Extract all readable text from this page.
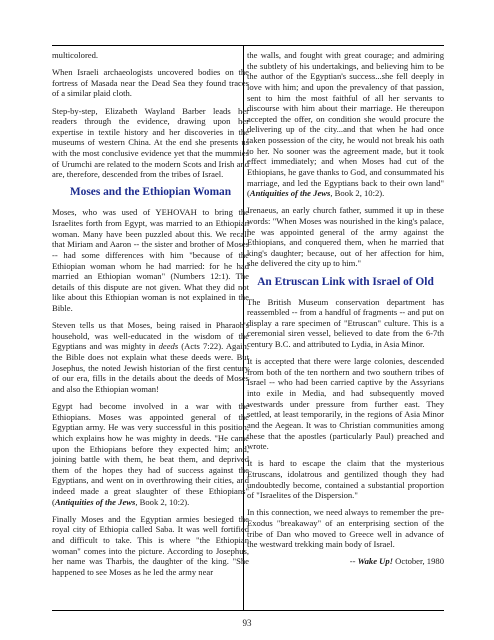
multicolored.

When Israeli archaeologists uncovered bodies on the fortress of Masada near the Dead Sea they found traces of a similar plaid cloth.

Step-by-step, Elizabeth Wayland Barber leads her readers through the evidence, drawing upon her expertise in textile history and her discoveries in the museums of western China. At the end she presents us with the most conclusive evidence yet that the mummies of Urumchi are related to the modern Scots and Irish and are, therefore, descended from the tribes of Israel.

Moses and the Ethiopian Woman

Moses, who was used of YEHOVAH to bring the Israelites forth from Egypt, was married to an Ethiopian woman. Many have been puzzled about this. We recall that Miriam and Aaron -- the sister and brother of Moses -- had some differences with him "because of the Ethiopian woman whom he had married: for he had married an Ethiopian woman" (Numbers 12:1). The details of this dispute are not given. What they did not like about this Ethiopian woman is not explained in the Bible.

Steven tells us that Moses, being raised in Pharaoh's household, was well-educated in the wisdom of the Egyptians and was mighty in deeds (Acts 7:22). Again, the Bible does not explain what these deeds were. But Josephus, the noted Jewish historian of the first century of our era, fills in the details about the deeds of Moses and also the Ethiopian woman!

Egypt had become involved in a war with the Ethiopians. Moses was appointed general of the Egyptian army. He was very successful in this position, which explains how he was mighty in deeds. "He came upon the Ethiopians before they expected him; and, joining battle with them, he beat them, and deprived them of the hopes they had of success against the Egyptians, and went on in overthrowing their cities, and indeed made a great slaughter of these Ethiopians" (Antiquities of the Jews, Book 2, 10:2).

Finally Moses and the Egyptian armies besieged the royal city of Ethiopia called Saba. It was well fortified and difficult to take. This is where "the Ethiopian woman" comes into the picture. According to Josephus, her name was Tharbis, the daughter of the king. "She happened to see Moses as he led the army near

the walls, and fought with great courage; and admiring the subtlety of his undertakings, and believing him to be the author of the Egyptian's success...she fell deeply in love with him; and upon the prevalency of that passion, sent to him the most faithful of all her servants to discourse with him about their marriage. He thereupon accepted the offer, on condition she would procure the delivering up of the city...and that when he had once taken possession of the city, he would not break his oath to her. No sooner was the agreement made, but it took effect immediately; and when Moses had cut of the Ethiopians, he gave thanks to God, and consummated his marriage, and led the Egyptians back to their own land" (Antiquities of the Jews, Book 2, 10:2).

Irenaeus, an early church father, summed it up in these words: "When Moses was nourished in the king's palace, he was appointed general of the army against the Ethiopians, and conquered them, when he married that king's daughter; because, out of her affection for him, she delivered the city up to him."

An Etruscan Link with Israel of Old

The British Museum conservation department has reassembled -- from a handful of fragments -- and put on display a rare specimen of "Etruscan" culture. This is a ceremonial siren vessel, believed to date from the 6-7th century B.C. and attributed to Lydia, in Asia Minor.

It is accepted that there were large colonies, descended from both of the ten northern and two southern tribes of Israel -- who had been carried captive by the Assyrians into exile in Media, and had subsequently moved westwards under pressure from further east. They settled, at least temporarily, in the regions of Asia Minor and the Aegean. It was to Christian communities among these that the apostles (particularly Paul) preached and wrote.

It is hard to escape the claim that the mysterious Etruscans, idolatrous and gentilized though they had undoubtedly become, contained a substantial proportion of "Israelites of the Dispersion."

In this connection, we need always to remember the pre-Exodus "breakaway" of an enterprising section of the tribe of Dan who moved to Greece well in advance of the westward trekking main body of Israel.

-- Wake Up! October, 1980
93
